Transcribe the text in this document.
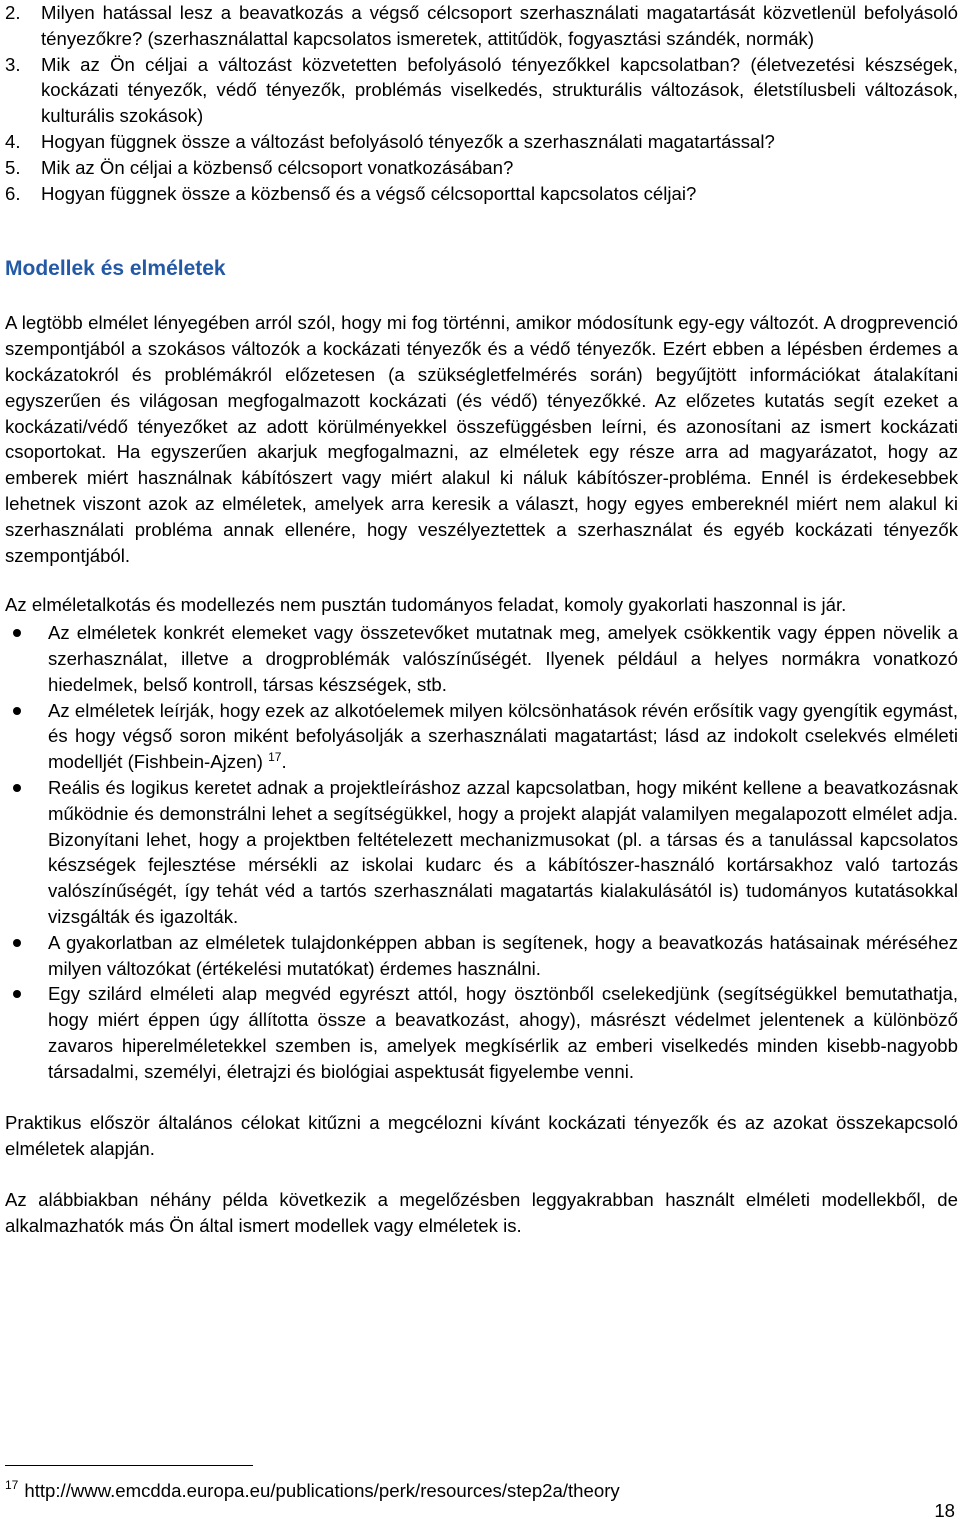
2. Milyen hatással lesz a beavatkozás a végső célcsoport szerhasználati magatartását közvetlenül befolyásoló tényezőkre? (szerhasználattal kapcsolatos ismeretek, attitűdök, fogyasztási szándék, normák)
3. Mik az Ön céljai a változást közvetetten befolyásoló tényezőkkel kapcsolatban? (életvezetési készségek, kockázati tényezők, védő tényezők, problémás viselkedés, strukturális változások, életstílusbeli változások, kulturális szokások)
4. Hogyan függnek össze a változást befolyásoló tényezők a szerhasználati magatartással?
5. Mik az Ön céljai a közbenső célcsoport vonatkozásában?
6. Hogyan függnek össze a közbenső és a végső célcsoporttal kapcsolatos céljai?
Modellek és elméletek

A legtöbb elmélet lényegében arról szól, hogy mi fog történni, amikor módosítunk egy-egy változót. A drogprevenció szempontjából a szokásos változók a kockázati tényezők és a védő tényezők. Ezért ebben a lépésben érdemes a kockázatokról és problémákról előzetesen (a szükségletfelmérés során) begyűjtött információkat átalakítani egyszerűen és világosan megfogalmazott kockázati (és védő) tényezőkké. Az előzetes kutatás segít ezeket a kockázati/védő tényezőket az adott körülményekkel összefüggésben leírni, és azonosítani az ismert kockázati csoportokat. Ha egyszerűen akarjuk megfogalmazni, az elméletek egy része arra ad magyarázatot, hogy az emberek miért használnak kábítószert vagy miért alakul ki náluk kábítószer-probléma. Ennél is érdekesebbek lehetnek viszont azok az elméletek, amelyek arra keresik a választ, hogy egyes embereknél miért nem alakul ki szerhasználati probléma annak ellenére, hogy veszélyeztettek a szerhasználat és egyéb kockázati tényezők szempontjából.

Az elméletalkotás és modellezés nem pusztán tudományos feladat, komoly gyakorlati haszonnal is jár.

Az elméletek konkrét elemeket vagy összetevőket mutatnak meg, amelyek csökkentik vagy éppen növelik a szerhasználat, illetve a drogproblémák valószínűségét. Ilyenek például a helyes normákra vonatkozó hiedelmek, belső kontroll, társas készségek, stb.
Az elméletek leírják, hogy ezek az alkotóelemek milyen kölcsönhatások révén erősítik vagy gyengítik egymást, és hogy végső soron miként befolyásolják a szerhasználati magatartást; lásd az indokolt cselekvés elméleti modelljét (Fishbein-Ajzen) $^{17}$.
Reális és logikus keretet adnak a projektleíráshoz azzal kapcsolatban, hogy miként kellene a beavatkozásnak működnie és demonstrálni lehet a segítségükkel, hogy a projekt alapját valamilyen megalapozott elmélet adja. Bizonyítani lehet, hogy a projektben feltételezett mechanizmusokat (pl. a társas és a tanulással kapcsolatos készségek fejlesztése mérsékli az iskolai kudarc és a kábítószer-használó kortársakhoz való tartozás valószínűségét, így tehát véd a tartós szerhasználati magatartás kialakulásától is) tudományos kutatásokkal vizsgálták és igazolták.
A gyakorlatban az elméletek tulajdonképpen abban is segítenek, hogy a beavatkozás hatásainak méréséhez milyen változókat (értékelési mutatókat) érdemes használni.
Egy szilárd elméleti alap megvéd egyrészt attól, hogy ösztönből cselekedjünk (segítségükkel bemutathatja, hogy miért éppen úgy állította össze a beavatkozást, ahogy), másrészt védelmet jelentenek a különböző zavaros hiperelméletekkel szemben is, amelyek megkísérlik az emberi viselkedés minden kisebb-nagyobb társadalmi, személyi, életrajzi és biológiai aspektusát figyelembe venni.

Praktikus először általános célokat kitűzni a megcélozni kívánt kockázati tényezők és az azokat összekapcsoló elméletek alapján.

Az alábbiakban néhány példa következik a megelőzésben leggyakrabban használt elméleti modellekből, de alkalmazhatók más Ön által ismert modellek vagy elméletek is.

$^{17}$ http://www.emcdda.europa.eu/publications/perk/resources/step2a/theory
18
